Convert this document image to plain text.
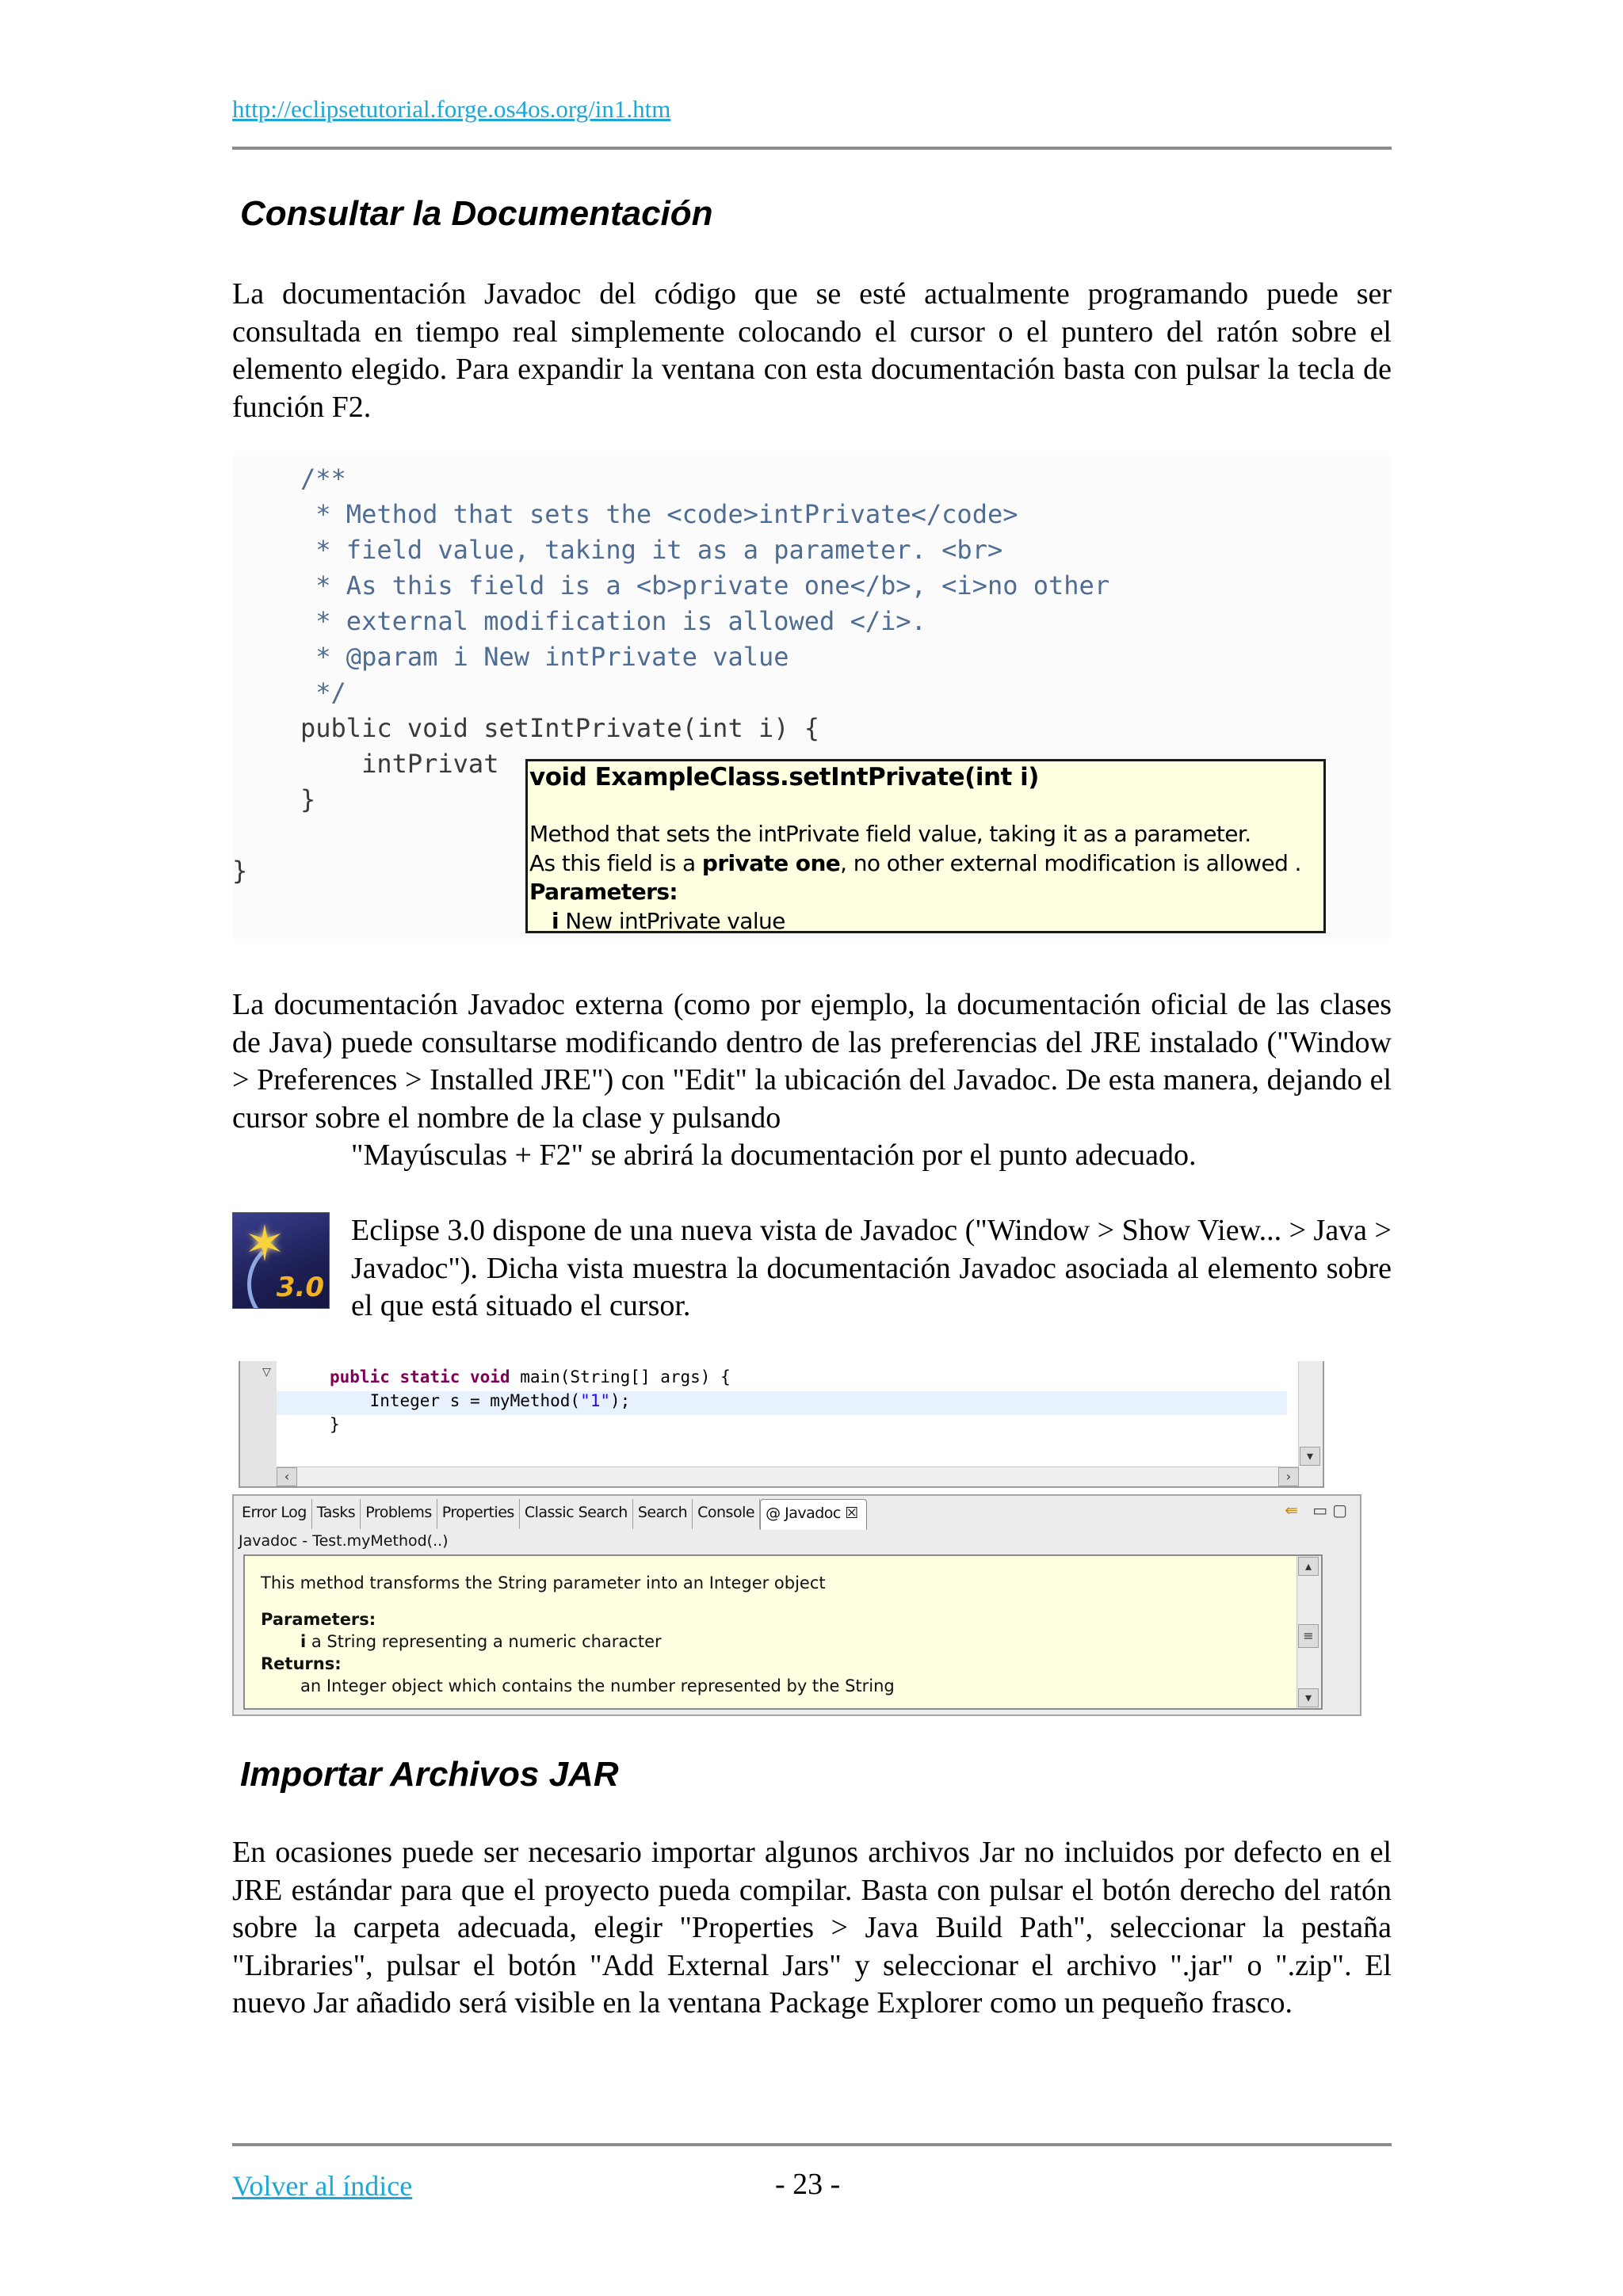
http://eclipsetutorial.forge.os4os.org/in1.htm
Consultar la Documentación
La documentación Javadoc del código que se esté actualmente programando puede ser consultada en tiempo real simplemente colocando el cursor o el puntero del ratón sobre el elemento elegido. Para expandir la ventana con esta documentación basta con pulsar la tecla de función F2.
/**
* Method that sets the <code>intPrivate</code>
* field value, taking it as a parameter. <br>
* As this field is a <b>private one</b>, <i>no other
* external modification is allowed </i>.
* @param i New intPrivate value
*/
public void setIntPrivate(int i) {
intPrivat
}
}
void ExampleClass.setIntPrivate(int i)
Method that sets the intPrivate field value, taking it as a parameter.
As this field is a private one, no other external modification is allowed .
Parameters:
i New intPrivate value
La documentación Javadoc externa (como por ejemplo, la documentación oficial de las clases de Java) puede consultarse modificando dentro de las preferencias del JRE instalado ("Window > Preferences > Installed JRE") con "Edit" la ubicación del Javadoc. De esta manera, dejando el cursor sobre el nombre de la clase y pulsando
"Mayúsculas + F2" se abrirá la documentación por el punto adecuado.
✶
3.0
Eclipse 3.0 dispone de una nueva vista de Javadoc ("Window > Show View... > Java > Javadoc"). Dicha vista muestra la documentación Javadoc asociada al elemento sobre el que está situado el cursor.
▽	public static void main(String[] args) {
Integer s = myMethod("1");
}
▾
‹	›
Error Log Tasks Problems Properties Classic Search Search Console @ Javadoc ☒	⇚ ▭▢
Javadoc - Test.myMethod(..)
This method transforms the String parameter into an Integer object
Parameters:
i a String representing a numeric character
Returns:
an Integer object which contains the number represented by the String
▴
≡
▾
Importar Archivos JAR
En ocasiones puede ser necesario importar algunos archivos Jar no incluidos por defecto en el JRE estándar para que el proyecto pueda compilar. Basta con pulsar el botón derecho del ratón sobre la carpeta adecuada, elegir "Properties > Java Build Path", seleccionar la pestaña "Libraries", pulsar el botón "Add External Jars" y seleccionar el archivo ".jar" o ".zip". El nuevo Jar añadido será visible en la ventana Package Explorer como un pequeño frasco.
Volver al índice	- 23 -
